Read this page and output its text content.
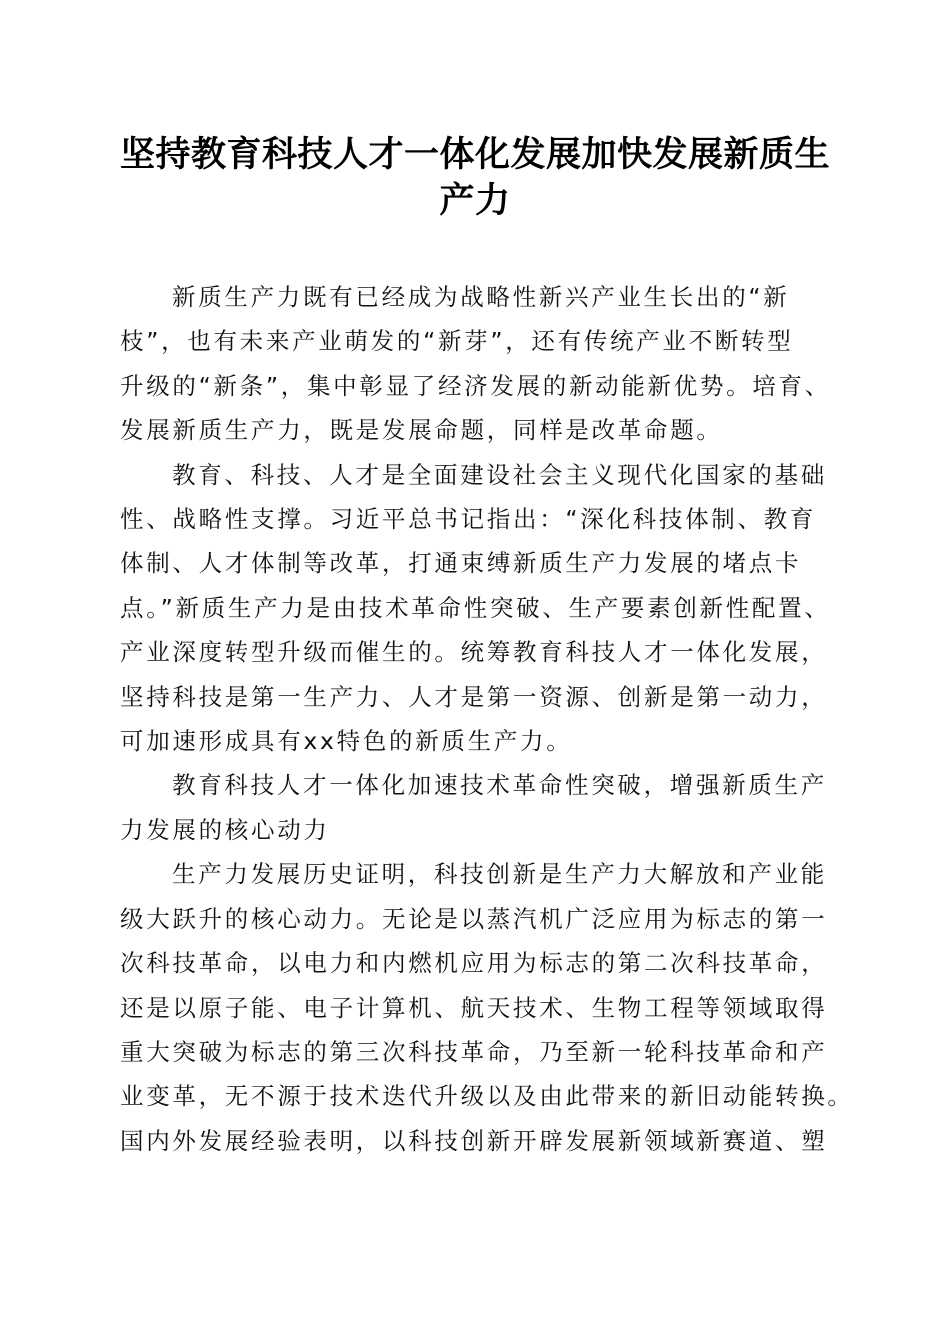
坚持教育科技人才一体化发展加快发展新质生
产力

新质生产力既有已经成为战略性新兴产业生长出的“新
枝”，也有未来产业萌发的“新芽”，还有传统产业不断转型
升级的“新条”，集中彰显了经济发展的新动能新优势。培育、
发展新质生产力，既是发展命题，同样是改革命题。

教育、科技、人才是全面建设社会主义现代化国家的基础
性、战略性支撑。习近平总书记指出：“深化科技体制、教育
体制、人才体制等改革，打通束缚新质生产力发展的堵点卡
点。”新质生产力是由技术革命性突破、生产要素创新性配置、
产业深度转型升级而催生的。统筹教育科技人才一体化发展，
坚持科技是第一生产力、人才是第一资源、创新是第一动力，
可加速形成具有xx特色的新质生产力。

教育科技人才一体化加速技术革命性突破，增强新质生产
力发展的核心动力

生产力发展历史证明，科技创新是生产力大解放和产业能
级大跃升的核心动力。无论是以蒸汽机广泛应用为标志的第一
次科技革命，以电力和内燃机应用为标志的第二次科技革命，
还是以原子能、电子计算机、航天技术、生物工程等领域取得
重大突破为标志的第三次科技革命，乃至新一轮科技革命和产
业变革，无不源于技术迭代升级以及由此带来的新旧动能转换。
国内外发展经验表明，以科技创新开辟发展新领域新赛道、塑
